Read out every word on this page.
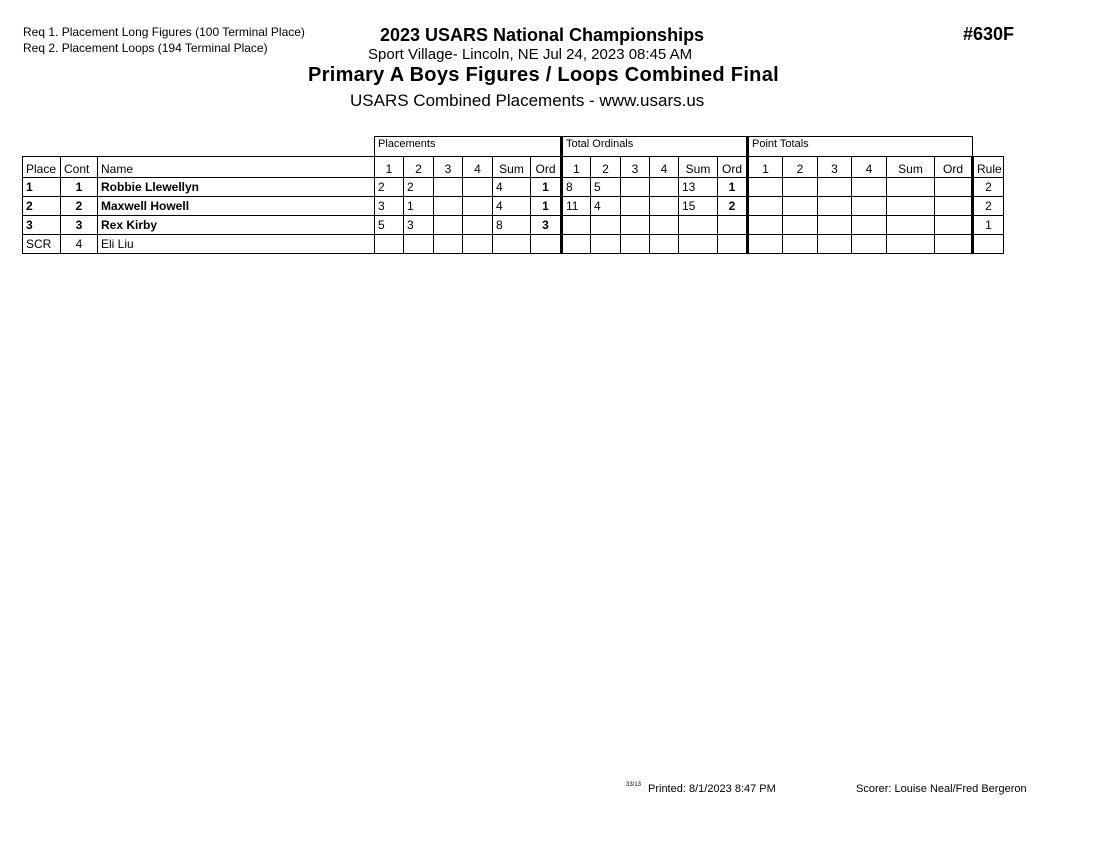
Req 1. Placement Long Figures (100 Terminal Place)
Req 2. Placement Loops (194 Terminal Place)
2023 USARS National Championships
Sport Village- Lincoln, NE Jul 24, 2023 08:45 AM
Primary A Boys Figures / Loops Combined Final
USARS Combined Placements - www.usars.us
#630F
			Placements						Total Ordinals						Point Totals						
Place	Cont	Name	1	2	3	4	Sum	Ord	1	2	3	4	Sum	Ord	1	2	3	4	Sum	Ord	Rule
1	1	Robbie Llewellyn	2	2			4	1	8	5			13	1							2
2	2	Maxwell Howell	3	1			4	1	11	4			15	2							2
3	3	Rex Kirby	5	3			8	3													1
SCR	4	Eli Liu																			
33/13 Printed: 8/1/2023 8:47 PM	Scorer: Louise Neal/Fred Bergeron
